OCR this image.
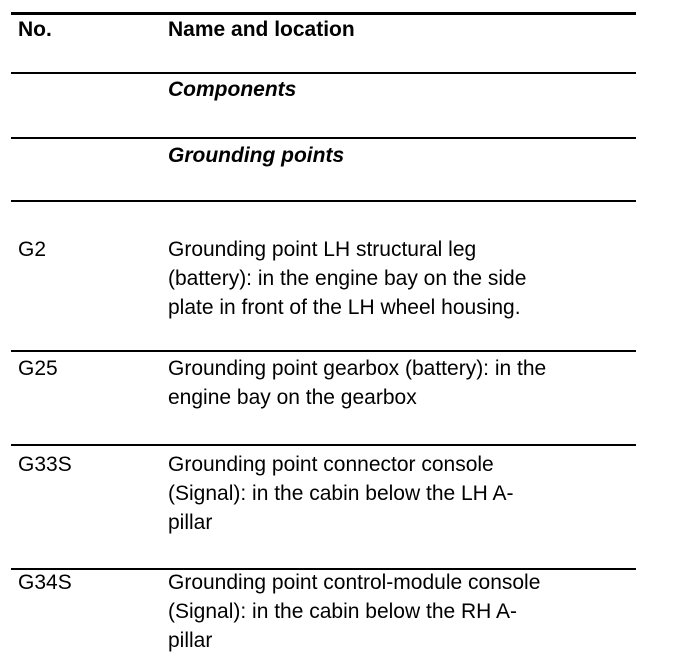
No.	Name and location
Components
Grounding points
G2	Grounding point LH structural leg
(battery): in the engine bay on the side
plate in front of the LH wheel housing.
G25	Grounding point gearbox (battery): in the
engine bay on the gearbox
G33S	Grounding point connector console
(Signal): in the cabin below the LH A-
pillar
G34S	Grounding point control-module console
(Signal): in the cabin below the RH A-
pillar
